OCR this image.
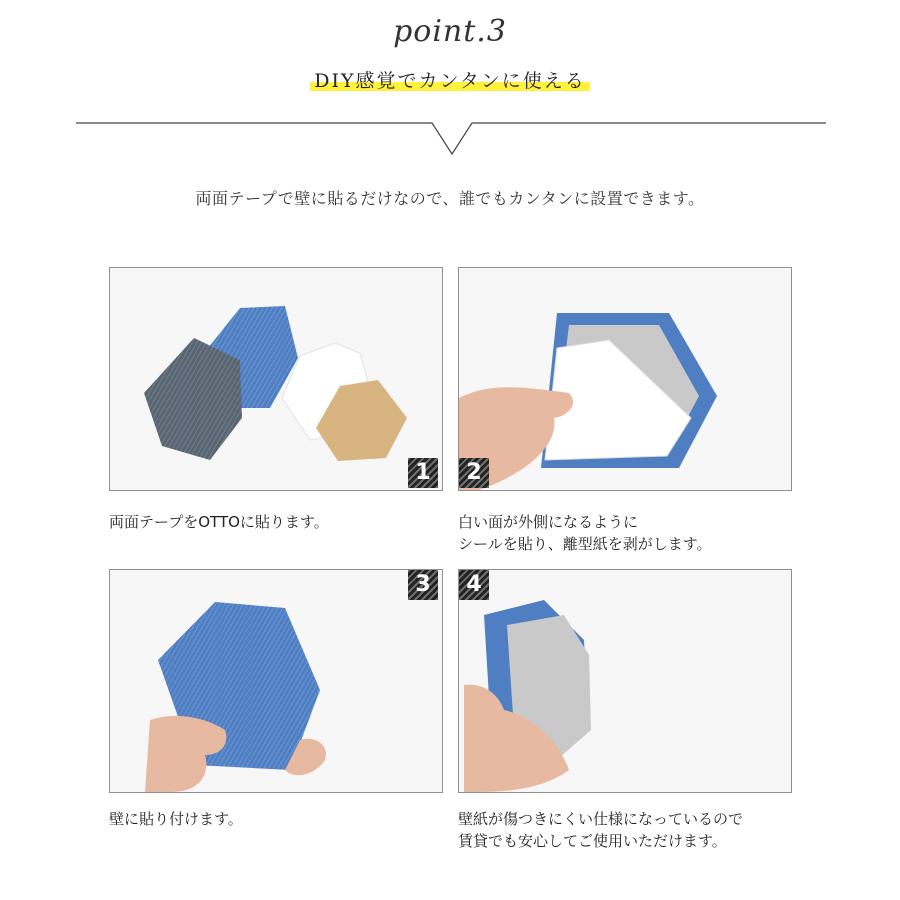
point.3
DIY感覚でカンタンに使える
両面テープで壁に貼るだけなので、誰でもカンタンに設置できます。
1	2
両面テープをOTTOに貼ります。	白い面が外側になるように
シールを貼り、離型紙を剥がします。
3	4
壁に貼り付けます。	壁紙が傷つきにくい仕様になっているので
賃貸でも安心してご使用いただけます。
